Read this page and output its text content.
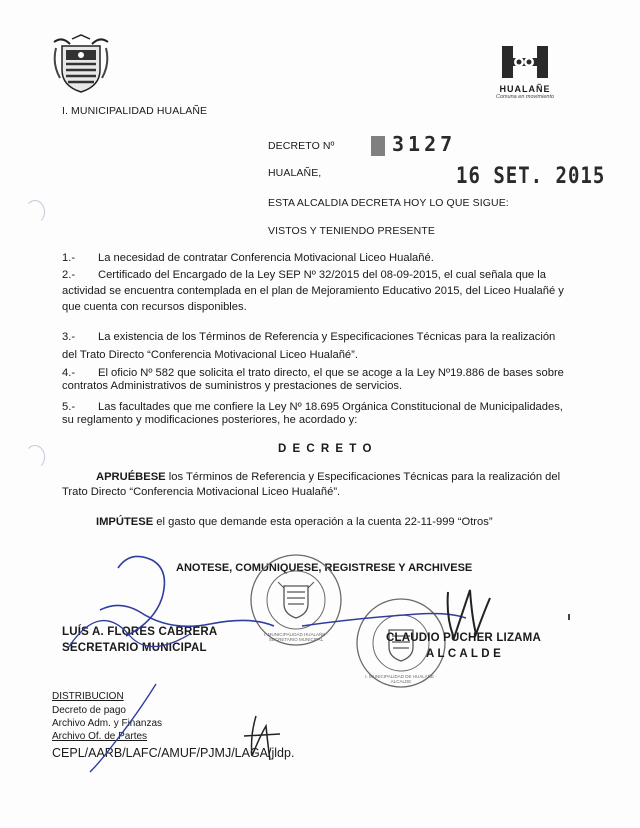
HUALAÑE
Comuna en movimiento
I. MUNICIPALIDAD HUALAÑE
DECRETO Nº	3127
HUALAÑE,	16 SET. 2015
ESTA ALCALDIA DECRETA HOY LO QUE SIGUE:
VISTOS Y TENIENDO PRESENTE
1.- La necesidad de contratar Conferencia Motivacional Liceo Hualañé.
2.- Certificado del Encargado de la Ley SEP Nº 32/2015 del 08-09-2015, el cual señala que la
actividad se encuentra contemplada en el plan de Mejoramiento Educativo 2015, del Liceo Hualañé y
que cuenta con recursos disponibles.
3.- La existencia de los Términos de Referencia y Especificaciones Técnicas para la realización
del Trato Directo “Conferencia Motivacional Liceo Hualañé”.
4.- El oficio Nº 582 que solicita el trato directo, el que se acoge a la Ley Nº19.886 de bases sobre
contratos Administrativos de suministros y prestaciones de servicios.
5.- Las facultades que me confiere la Ley Nº 18.695 Orgánica Constitucional de Municipalidades,
su reglamento y modificaciones posteriores, he acordado y:
D E C R E T O
APRUÉBESE los Términos de Referencia y Especificaciones Técnicas para la realización del
Trato Directo “Conferencia Motivacional Liceo Hualañé”.
IMPÚTESE el gasto que demande esta operación a la cuenta 22-11-999 “Otros”
ANOTESE, COMUNIQUESE, REGISTRESE Y ARCHIVESE
I. MUNICIPALIDAD HUALAÑE · SECRETARIO MUNICIPAL
I. MUNICIPALIDAD DE HUALAÑE · ALCALDE
LUÍS A. FLORES CABRERA
SECRETARIO MUNICIPAL
CLAUDIO PUCHER LIZAMA
A L C A L D E
DISTRIBUCION
Decreto de pago
Archivo Adm. y Finanzas
Archivo Of. de Partes
CEPL/AARB/LAFC/AMUF/PJMJ/LAGA/jldp.
